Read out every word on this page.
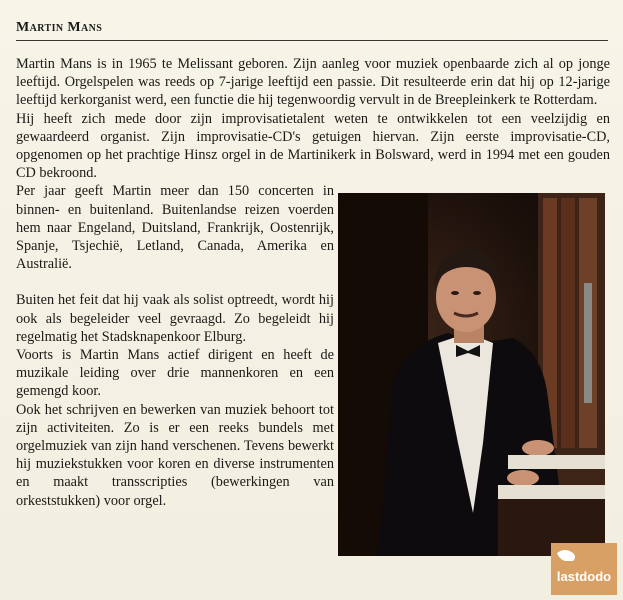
Martin Mans

Martin Mans is in 1965 te Melissant geboren. Zijn aanleg voor muziek openbaarde zich al op jonge leeftijd. Orgelspelen was reeds op 7-jarige leeftijd een passie. Dit resulteerde erin dat hij op 12-jarige leeftijd kerkorganist werd, een functie die hij tegenwoordig vervult in de Breepleinkerk te Rotterdam.

Hij heeft zich mede door zijn improvisatietalent weten te ontwikkelen tot een veelzijdig en gewaardeerd organist. Zijn improvisatie-CD's getuigen hiervan. Zijn eerste improvisatie-CD, opgenomen op het prachtige Hinsz orgel in de Martinikerk in Bolsward, werd in 1994 met een gouden CD bekroond.

Per jaar geeft Martin meer dan 150 concerten in binnen- en buitenland. Buitenlandse reizen voerden hem naar Engeland, Duitsland, Frankrijk, Oostenrijk, Spanje, Tsjechië, Letland, Canada, Amerika en Australië.

Buiten het feit dat hij vaak als solist optreedt, wordt hij ook als begeleider veel gevraagd. Zo begeleidt hij regelmatig het Stadsknapenkoor Elburg.

Voorts is Martin Mans actief dirigent en heeft de muzikale leiding over drie mannenkoren en een gemengd koor.

Ook het schrijven en bewerken van muziek behoort tot zijn activiteiten. Zo is er een reeks bundels met orgelmuziek van zijn hand verschenen. Tevens bewerkt hij muziekstukken voor koren en diverse instrumenten en maakt transscripties (bewerkingen van orkeststukken) voor orgel.

lastdodo
